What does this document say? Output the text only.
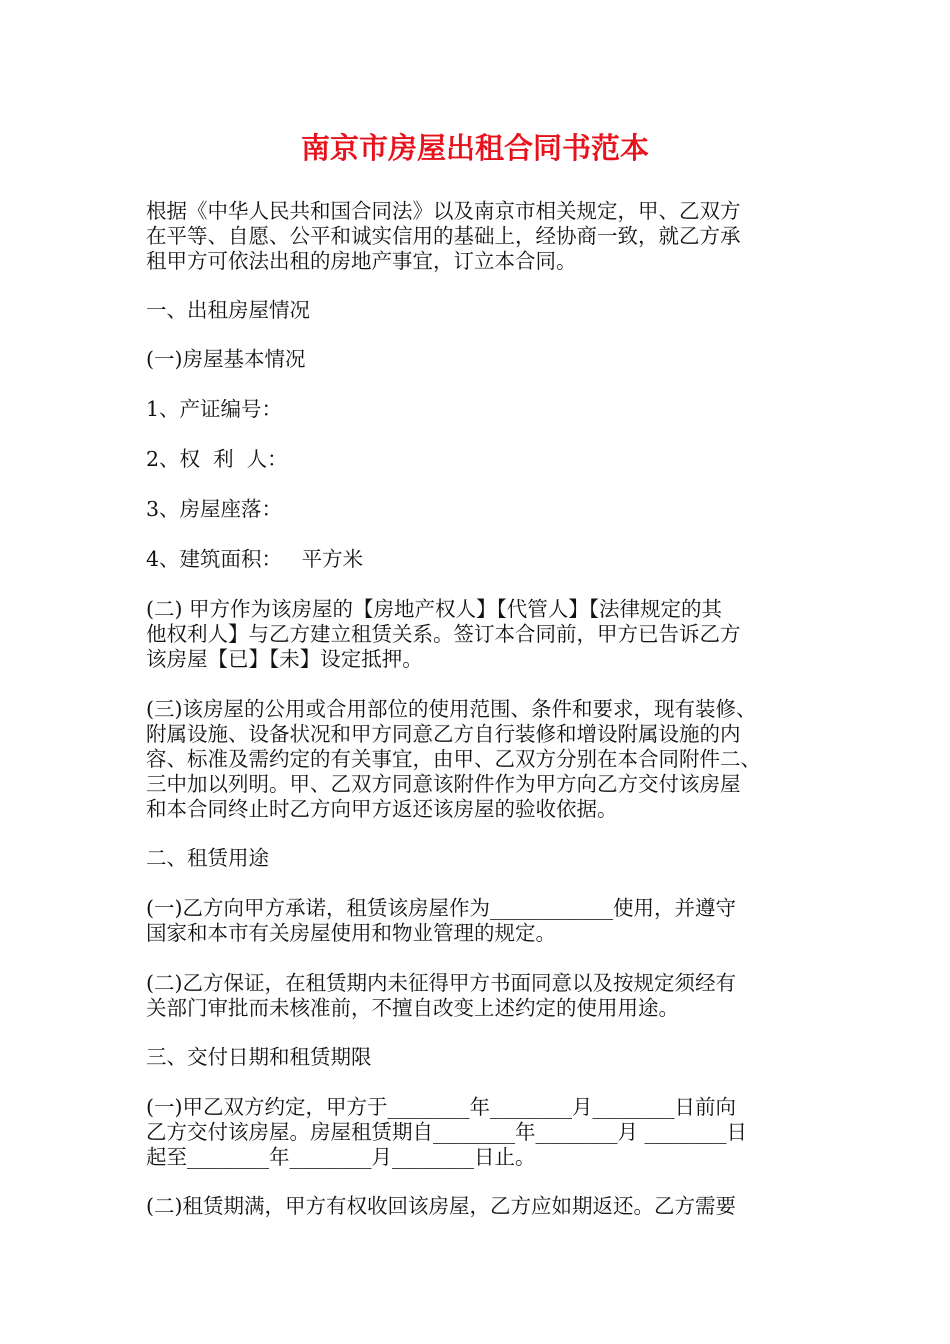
南京市房屋出租合同书范本
根据《中华人民共和国合同法》以及南京市相关规定，甲、乙双方
在平等、自愿、公平和诚实信用的基础上，经协商一致，就乙方承
租甲方可依法出租的房地产事宜，订立本合同。
一、出租房屋情况
(一)房屋基本情况
1、产证编号：
2、权  利  人：
3、房屋座落：
4、建筑面积：   平方米
(二) 甲方作为该房屋的【房地产权人】【代管人】【法律规定的其
他权利人】与乙方建立租赁关系。签订本合同前，甲方已告诉乙方
该房屋【已】【未】设定抵押。
(三)该房屋的公用或合用部位的使用范围、条件和要求，现有装修、
附属设施、设备状况和甲方同意乙方自行装修和增设附属设施的内
容、标准及需约定的有关事宜，由甲、乙双方分别在本合同附件二、
三中加以列明。甲、乙双方同意该附件作为甲方向乙方交付该房屋
和本合同终止时乙方向甲方返还该房屋的验收依据。
二、租赁用途
(一)乙方向甲方承诺，租赁该房屋作为____________使用，并遵守
国家和本市有关房屋使用和物业管理的规定。
(二)乙方保证，在租赁期内未征得甲方书面同意以及按规定须经有
关部门审批而未核准前，不擅自改变上述约定的使用用途。
三、交付日期和租赁期限
(一)甲乙双方约定，甲方于________年________月________日前向
乙方交付该房屋。房屋租赁期自________年________月 ________日
起至________年________月________日止。
(二)租赁期满，甲方有权收回该房屋，乙方应如期返还。乙方需要
